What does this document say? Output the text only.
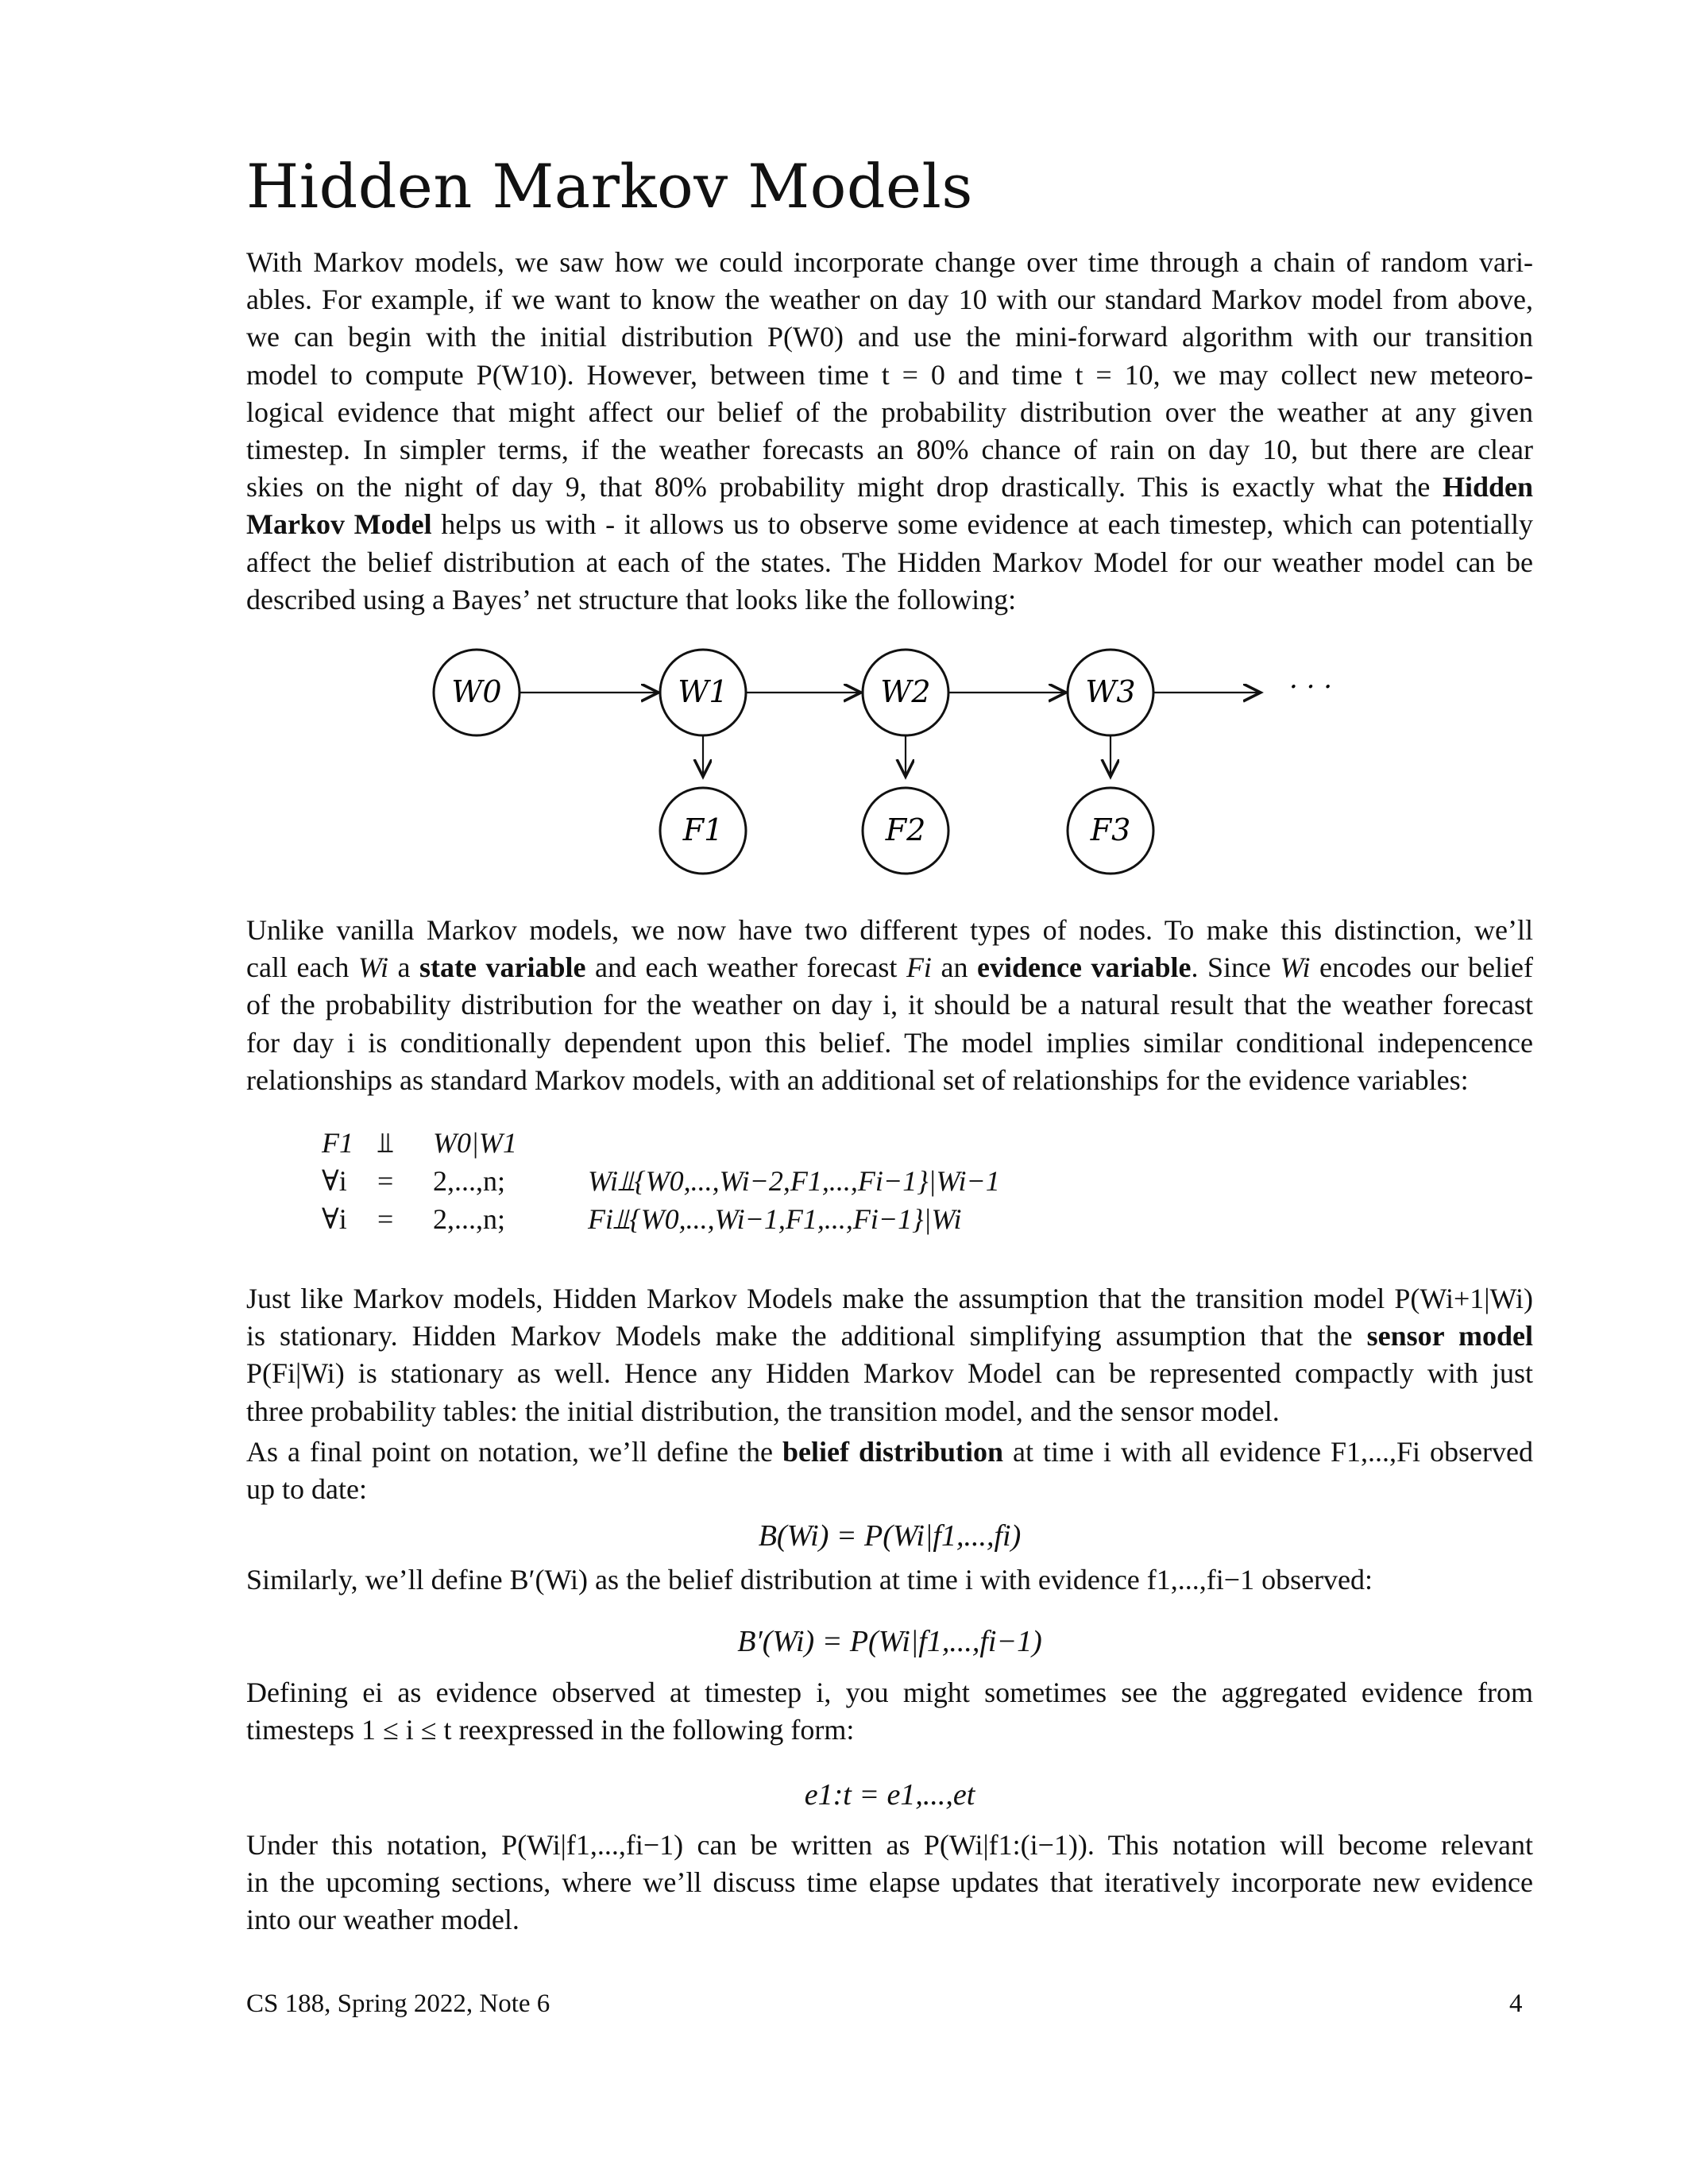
Hidden Markov Models
With Markov models, we saw how we could incorporate change over time through a chain of random vari-
ables. For example, if we want to know the weather on day 10 with our standard Markov model from above,
we can begin with the initial distribution P(W0) and use the mini-forward algorithm with our transition
model to compute P(W10). However, between time t = 0 and time t = 10, we may collect new meteoro-
logical evidence that might affect our belief of the probability distribution over the weather at any given
timestep. In simpler terms, if the weather forecasts an 80% chance of rain on day 10, but there are clear
skies on the night of day 9, that 80% probability might drop drastically. This is exactly what the Hidden
Markov Model helps us with - it allows us to observe some evidence at each timestep, which can potentially
affect the belief distribution at each of the states. The Hidden Markov Model for our weather model can be
described using a Bayes’ net structure that looks like the following:
W0	W1	W2	W3	· · ·
F1	F2	F3
Unlike vanilla Markov models, we now have two different types of nodes. To make this distinction, we’ll
call each Wi a state variable and each weather forecast Fi an evidence variable. Since Wi encodes our belief
of the probability distribution for the weather on day i, it should be a natural result that the weather forecast
for day i is conditionally dependent upon this belief. The model implies similar conditional indepencence
relationships as standard Markov models, with an additional set of relationships for the evidence variables:
F1 ⫫ W0|W1
∀i = 2,...,n;	Wi⫫{W0,...,Wi−2,F1,...,Fi−1}|Wi−1
∀i = 2,...,n;	Fi⫫{W0,...,Wi−1,F1,...,Fi−1}|Wi
Just like Markov models, Hidden Markov Models make the assumption that the transition model P(Wi+1|Wi)
is stationary. Hidden Markov Models make the additional simplifying assumption that the sensor model
P(Fi|Wi) is stationary as well. Hence any Hidden Markov Model can be represented compactly with just
three probability tables: the initial distribution, the transition model, and the sensor model.
As a final point on notation, we’ll define the belief distribution at time i with all evidence F1,...,Fi observed
up to date:
B(Wi) = P(Wi|f1,...,fi)
Similarly, we’ll define B′(Wi) as the belief distribution at time i with evidence f1,...,fi−1 observed:
B′(Wi) = P(Wi|f1,...,fi−1)
Defining ei as evidence observed at timestep i, you might sometimes see the aggregated evidence from
timesteps 1 ≤ i ≤ t reexpressed in the following form:
e1:t = e1,...,et
Under this notation, P(Wi|f1,...,fi−1) can be written as P(Wi|f1:(i−1)). This notation will become relevant
in the upcoming sections, where we’ll discuss time elapse updates that iteratively incorporate new evidence
into our weather model.
CS 188, Spring 2022, Note 6	4
